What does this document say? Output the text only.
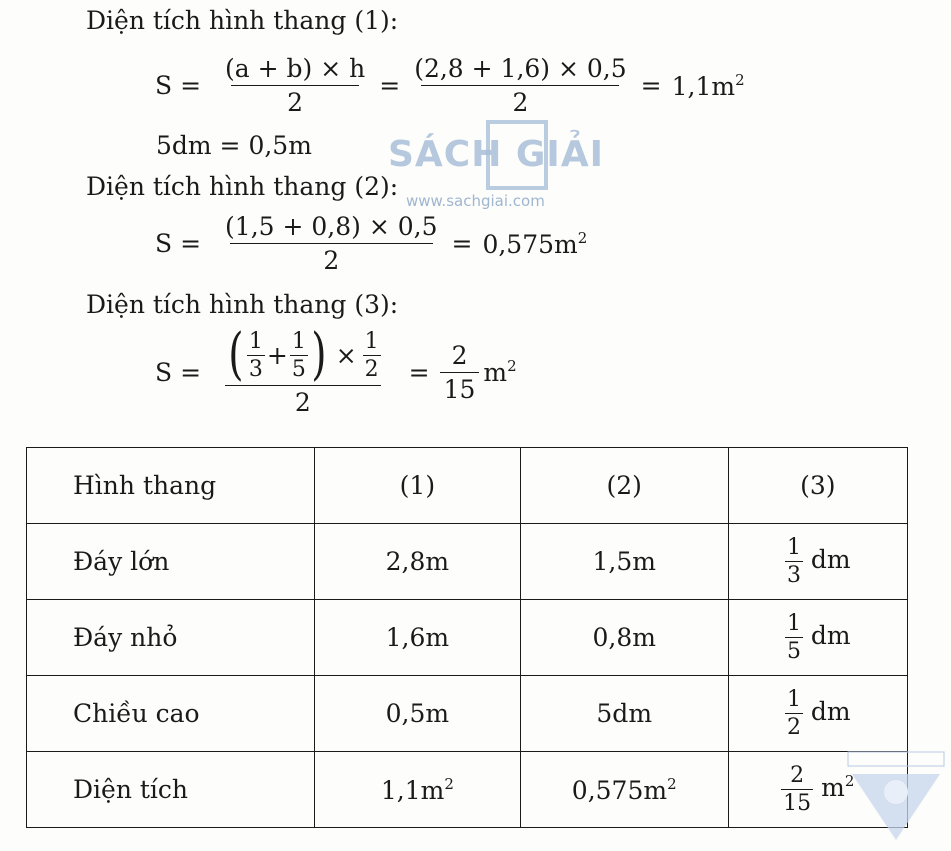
Diện tích hình thang (1):
$S = \frac{(a + b) \times h}{2} = \frac{(2,8 + 1,6) \times 0,5}{2} = 1,1m^2$
5dm = 0,5m
Diện tích hình thang (2):
$S = \frac{(1,5 + 0,8) \times 0,5}{2} = 0,575m^2$
Diện tích hình thang (3):
S = ( $\frac{1}{3} + \frac{1}{5}$ ) × $\frac{1}{2}$
2
= $\frac{2}{15} m^2$
SÁCH GIẢI
www.sachgiai.com
Hình thang	(1)	(2)	(3)
Đáy lớn	2,8m	1,5m	$\frac{1}{3}$ dm
Đáy nhỏ	1,6m	0,8m	$\frac{1}{5}$ dm
Chiều cao	0,5m	5dm	$\frac{1}{2}$ dm
Diện tích	$1,1m^2$	$0,575m^2$	$\frac{2}{15} m^2$
